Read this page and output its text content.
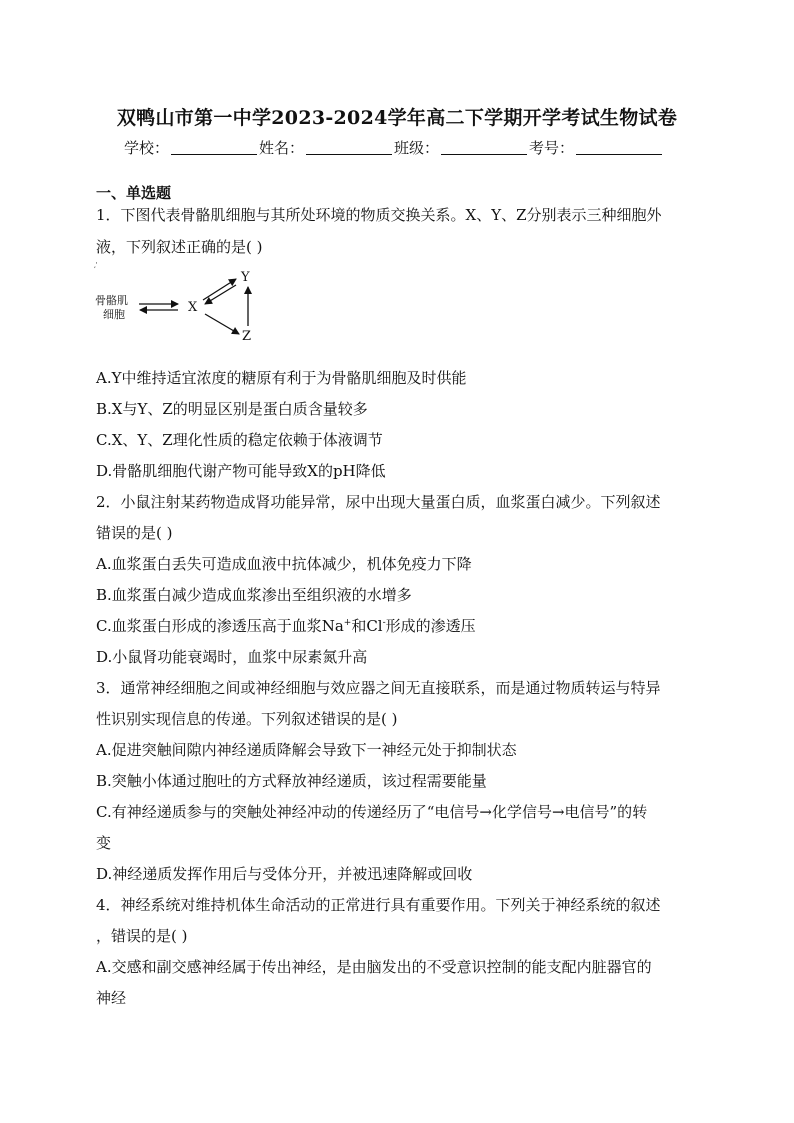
双鸭山市第一中学2023-2024学年高二下学期开学考试生物试卷
学校：	姓名：	班级：	考号：
一、单选题
1．下图代表骨骼肌细胞与其所处环境的物质交换关系。X、Y、Z分别表示三种细胞外
液，下列叙述正确的是( )
,'
骨骼肌
细胞	X
Y
Z
A.Y中维持适宜浓度的糖原有利于为骨骼肌细胞及时供能
B.X与Y、Z的明显区别是蛋白质含量较多
C.X、Y、Z理化性质的稳定依赖于体液调节
D.骨骼肌细胞代谢产物可能导致X的pH降低
2．小鼠注射某药物造成肾功能异常，尿中出现大量蛋白质，血浆蛋白减少。下列叙述
错误的是( )
A.血浆蛋白丢失可造成血液中抗体减少，机体免疫力下降
B.血浆蛋白减少造成血浆渗出至组织液的水增多
C.血浆蛋白形成的渗透压高于血浆Na+和Cl-形成的渗透压
D.小鼠肾功能衰竭时，血浆中尿素氮升高
3．通常神经细胞之间或神经细胞与效应器之间无直接联系，而是通过物质转运与特异
性识别实现信息的传递。下列叙述错误的是( )
A.促进突触间隙内神经递质降解会导致下一神经元处于抑制状态
B.突触小体通过胞吐的方式释放神经递质，该过程需要能量
C.有神经递质参与的突触处神经冲动的传递经历了“电信号→化学信号→电信号”的转
变
D.神经递质发挥作用后与受体分开，并被迅速降解或回收
4．神经系统对维持机体生命活动的正常进行具有重要作用。下列关于神经系统的叙述
，错误的是( )
A.交感和副交感神经属于传出神经，是由脑发出的不受意识控制的能支配内脏器官的
神经
